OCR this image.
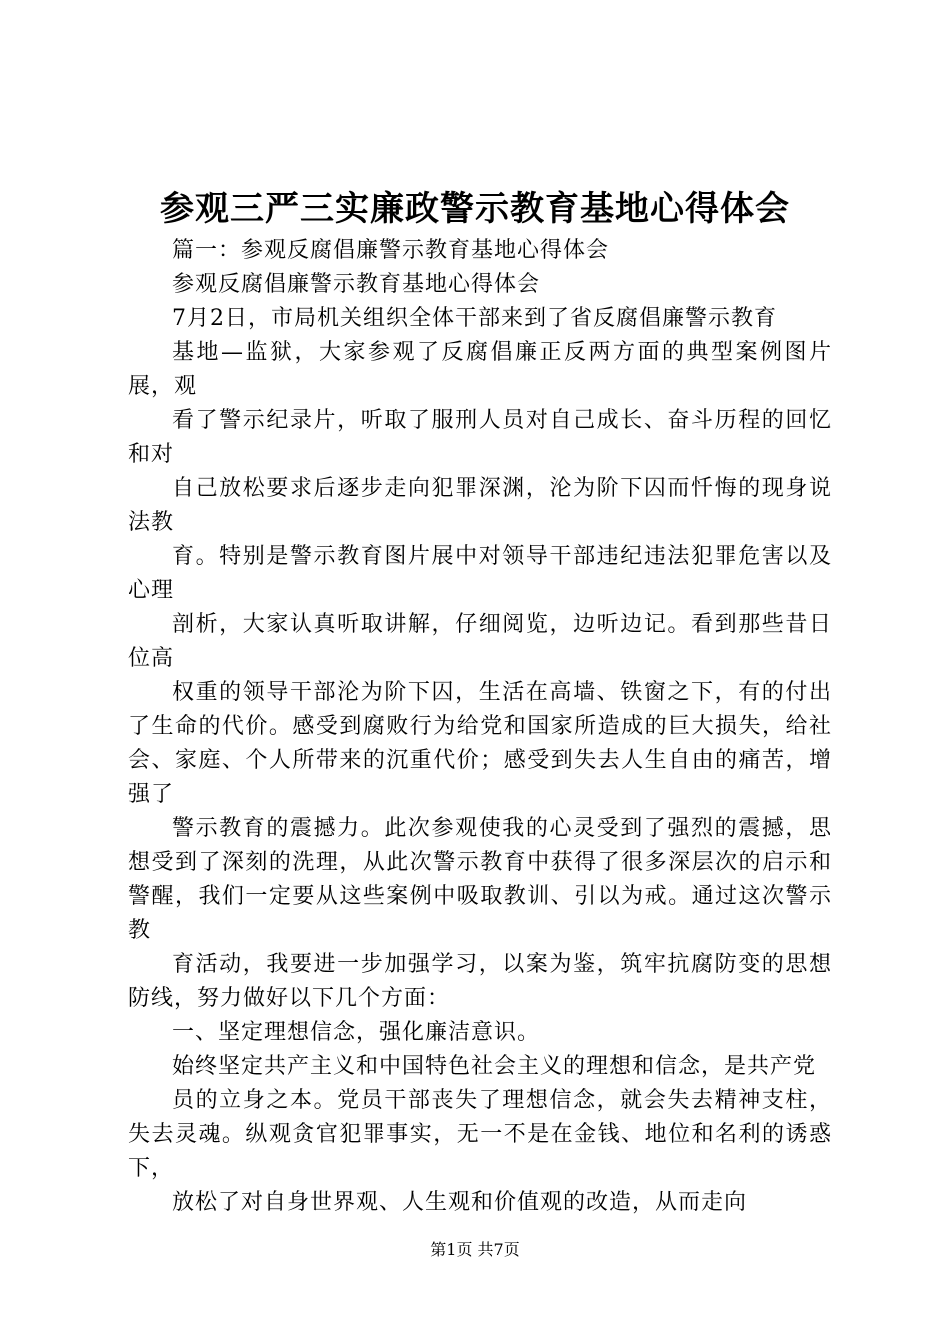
参观三严三实廉政警示教育基地心得体会

篇一：参观反腐倡廉警示教育基地心得体会

参观反腐倡廉警示教育基地心得体会

7月2日，市局机关组织全体干部来到了省反腐倡廉警示教育

基地—监狱，大家参观了反腐倡廉正反两方面的典型案例图片展，观

看了警示纪录片，听取了服刑人员对自己成长、奋斗历程的回忆和对

自己放松要求后逐步走向犯罪深渊，沦为阶下囚而忏悔的现身说法教

育。特别是警示教育图片展中对领导干部违纪违法犯罪危害以及心理

剖析，大家认真听取讲解，仔细阅览，边听边记。看到那些昔日位高

权重的领导干部沦为阶下囚，生活在高墙、铁窗之下，有的付出了生命的代价。感受到腐败行为给党和国家所造成的巨大损失，给社会、家庭、个人所带来的沉重代价；感受到失去人生自由的痛苦，增强了

警示教育的震撼力。此次参观使我的心灵受到了强烈的震撼，思想受到了深刻的洗理，从此次警示教育中获得了很多深层次的启示和警醒，我们一定要从这些案例中吸取教训、引以为戒。通过这次警示教

育活动，我要进一步加强学习，以案为鉴，筑牢抗腐防变的思想防线，努力做好以下几个方面：

一、坚定理想信念，强化廉洁意识。

始终坚定共产主义和中国特色社会主义的理想和信念，是共产党

员的立身之本。党员干部丧失了理想信念，就会失去精神支柱，失去灵魂。纵观贪官犯罪事实，无一不是在金钱、地位和名利的诱惑下，

放松了对自身世界观、人生观和价值观的改造，从而走向

第1页 共7页
